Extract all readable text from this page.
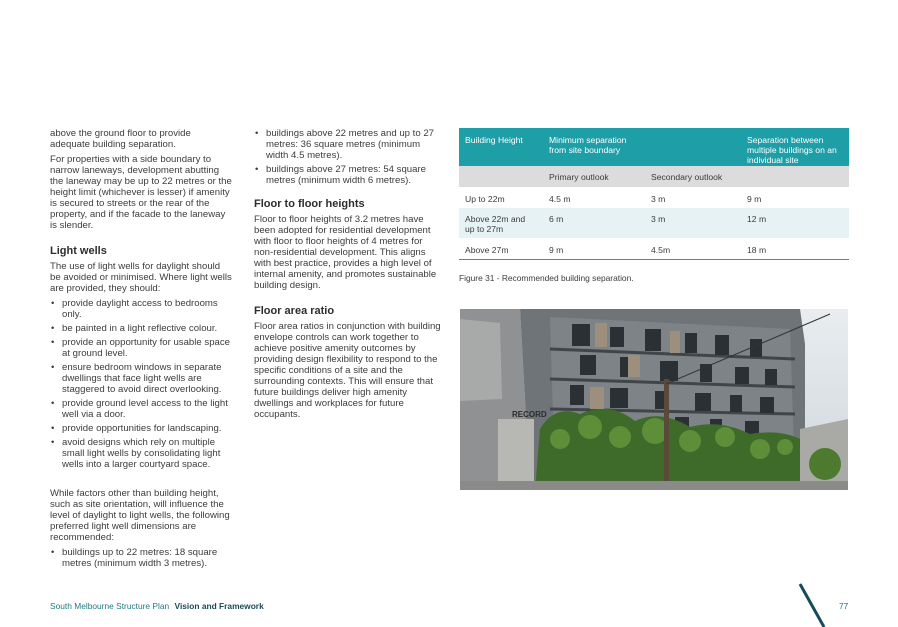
above the ground floor to provide adequate building separation.

For properties with a side boundary to narrow laneways, development abutting the laneway may be up to 22 metres or the height limit (whichever is lesser) if amenity is secured to streets or the rear of the property, and if the facade to the laneway is slender.

Light wells

The use of light wells for daylight should be avoided or minimised. Where light wells are provided, they should:

• provide daylight access to bedrooms only.
• be painted in a light reflective colour.
• provide an opportunity for usable space at ground level.
• ensure bedroom windows in separate dwellings that face light wells are staggered to avoid direct overlooking.
• provide ground level access to the light well via a door.
• provide opportunities for landscaping.
• avoid designs which rely on multiple small light wells by consolidating light wells into a larger courtyard space.

While factors other than building height, such as site orientation, will influence the level of daylight to light wells, the following preferred light well dimensions are recommended:

• buildings up to 22 metres: 18 square metres (minimum width 3 metres).
• buildings above 22 metres and up to 27 metres: 36 square metres (minimum width 4.5 metres).
• buildings above 27 metres: 54 square metres (minimum width 6 metres).
Floor to floor heights

Floor to floor heights of 3.2 metres have been adopted for residential development with floor to floor heights of 4 metres for non-residential development. This aligns with best practice, provides a high level of internal amenity, and promotes sustainable building design.

Floor area ratio

Floor area ratios in conjunction with building envelope controls can work together to achieve positive amenity outcomes by providing design flexibility to respond to the specific conditions of a site and the surrounding contexts. This will ensure that future buildings deliver high amenity dwellings and workplaces for future occupants.

Building Height	Minimum separation from site boundary		Separation between multiple buildings on an individual site
	Primary outlook	Secondary outlook	
Up to 22m	4.5 m	3 m	9 m
Above 22m and up to 27m	6 m	3 m	12 m
Above 27m	9 m	4.5m	18 m
Figure 31 - Recommended building separation.
RECORD
South Melbourne Structure Plan Vision and Framework	77
